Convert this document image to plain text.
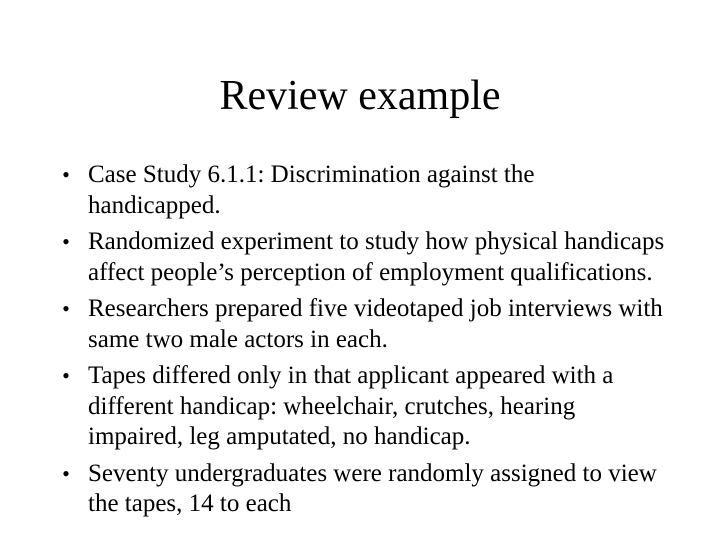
Review example
• Case Study 6.1.1: Discrimination against the handicapped.
• Randomized experiment to study how physical handicaps affect people’s perception of employment qualifications.
• Researchers prepared five videotaped job interviews with same two male actors in each.
• Tapes differed only in that applicant appeared with a different handicap: wheelchair, crutches, hearing impaired, leg amputated, no handicap.
• Seventy undergraduates were randomly assigned to view the tapes, 14 to each
